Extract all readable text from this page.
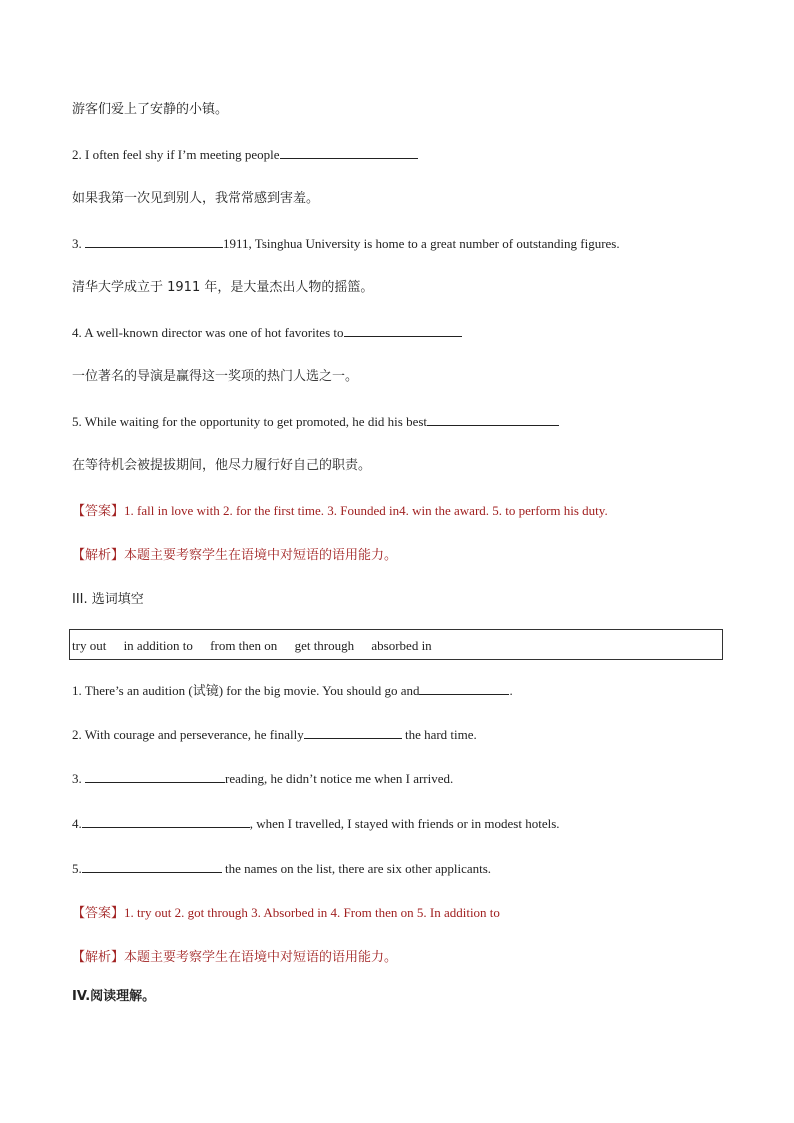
游客们爱上了安静的小镇。
2. I often feel shy if I’m meeting people
如果我第一次见到别人，我常常感到害羞。
3.	1911, Tsinghua University is home to a great number of outstanding figures.
清华大学成立于 1911 年，是大量杰出人物的摇篮。
4. A well-known director was one of hot favorites to
一位著名的导演是赢得这一奖项的热门人选之一。
5. While waiting for the opportunity to get promoted, he did his best
在等待机会被提拔期间，他尽力履行好自己的职责。
【答案】1. fall in love with 2. for the first time. 3. Founded in4. win the award. 5. to perform his duty.
【解析】本题主要考察学生在语境中对短语的语用能力。
III. 选词填空
try out in addition to from then on get through absorbed in
1. There’s an audition (试镜) for the big movie. You should go and	.
2. With courage and perseverance, he finally	the hard time.
3.	reading, he didn’t notice me when I arrived.
4.	, when I travelled, I stayed with friends or in modest hotels.
5.	the names on the list, there are six other applicants.
【答案】1. try out 2. got through 3. Absorbed in 4. From then on 5. In addition to
【解析】本题主要考察学生在语境中对短语的语用能力。
IV.阅读理解。
